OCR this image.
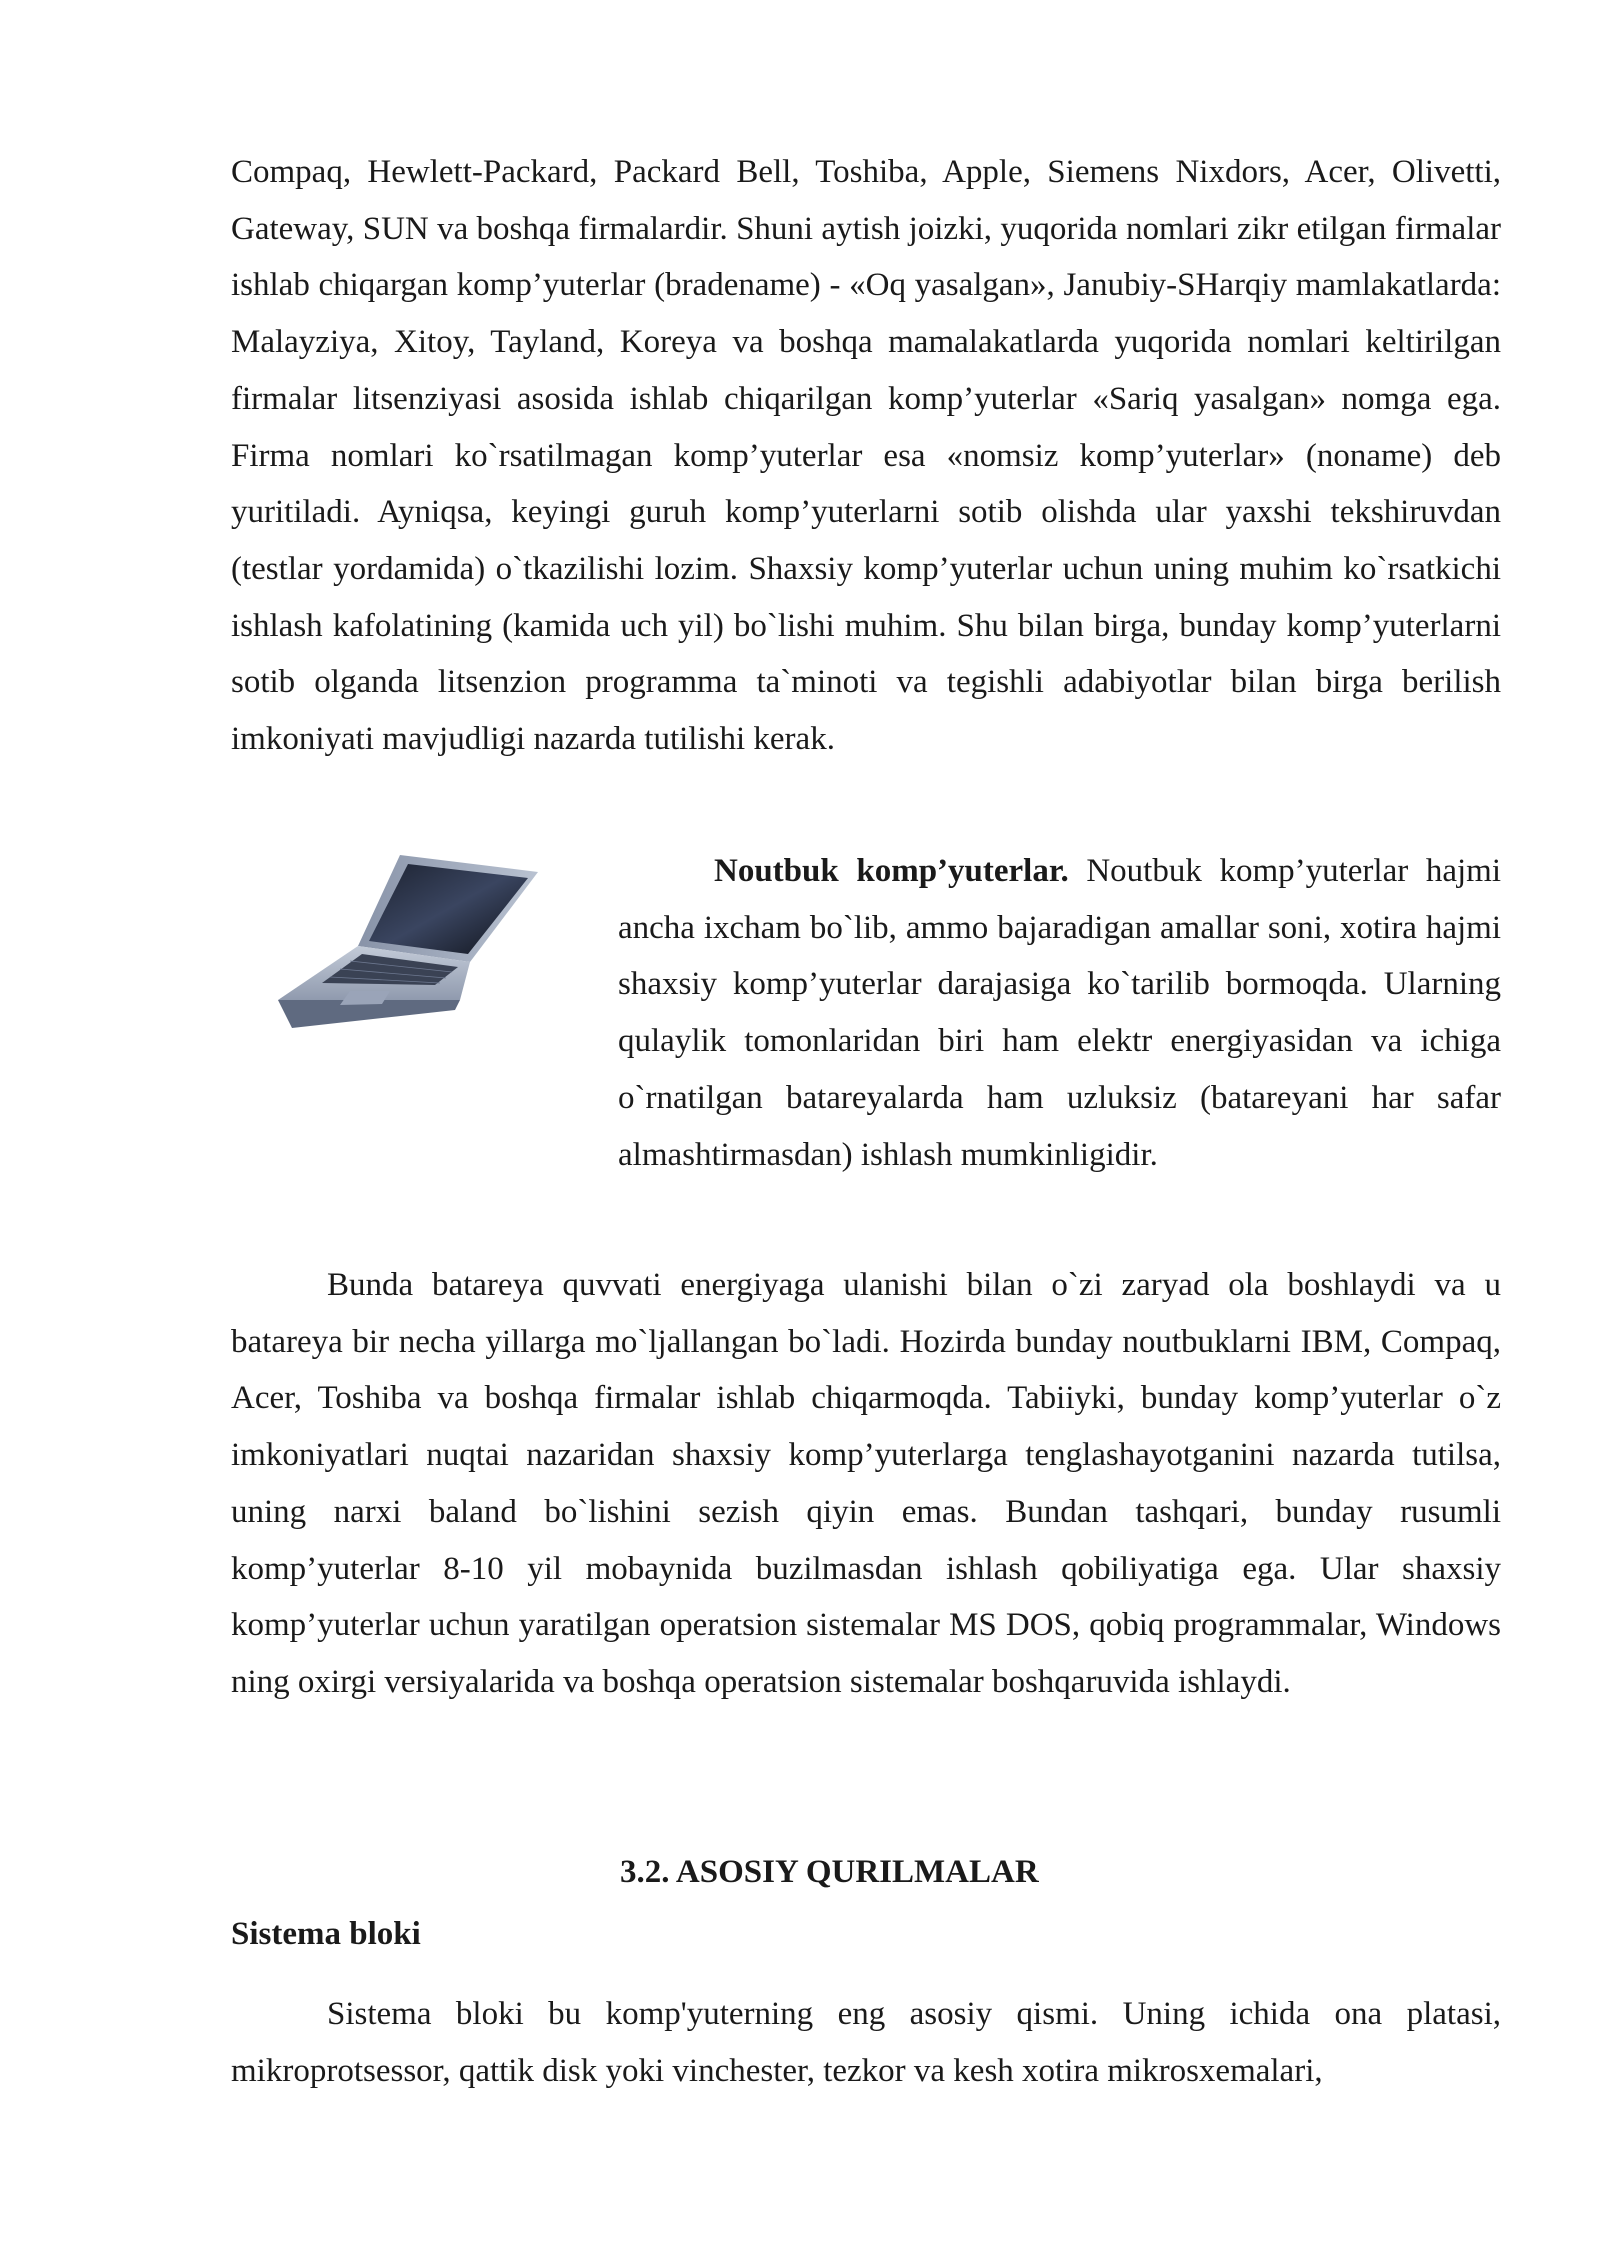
Compaq, Hewlett-Packard, Packard Bell, Toshiba, Apple, Siemens Nixdors, Acer, Olivetti, Gateway, SUN va boshqa firmalardir. Shuni aytish joizki, yuqorida nomlari zikr etilgan firmalar ishlab chiqargan komp’yuterlar (bradename) - «Oq yasalgan», Janubiy-SHarqiy mamlakatlarda: Malayziya, Xitoy, Tayland, Koreya va boshqa mamalakatlarda yuqorida nomlari keltirilgan firmalar litsenziyasi asosida ishlab chiqarilgan komp’yuterlar «Sariq yasalgan» nomga ega. Firma nomlari ko`rsatilmagan komp’yuterlar esa «nomsiz komp’yuterlar» (noname) deb yuritiladi. Ayniqsa, keyingi guruh komp’yuterlarni sotib olishda ular yaxshi tekshiruvdan (testlar yordamida) o`tkazilishi lozim. Shaxsiy komp’yuterlar uchun uning muhim ko`rsatkichi ishlash kafolatining (kamida uch yil) bo`lishi muhim. Shu bilan birga, bunday komp’yuterlarni sotib olganda litsenzion programma ta`minoti va tegishli adabiyotlar bilan birga berilish imkoniyati mavjudligi nazarda tutilishi kerak.

Noutbuk komp’yuterlar. Noutbuk komp’yuterlar hajmi ancha ixcham bo`lib, ammo bajaradigan amallar soni, xotira hajmi shaxsiy komp’yuterlar darajasiga ko`tarilib bormoqda. Ularning qulaylik tomonlaridan biri ham elektr energiyasidan va ichiga o`rnatilgan batareyalarda ham uzluksiz (batareyani har safar almashtirmasdan) ishlash mumkinligidir.

Bunda batareya quvvati energiyaga ulanishi bilan o`zi zaryad ola boshlaydi va u batareya bir necha yillarga mo`ljallangan bo`ladi. Hozirda bunday noutbuklarni IBM, Compaq, Acer, Toshiba va boshqa firmalar ishlab chiqarmoqda. Tabiiyki, bunday komp’yuterlar o`z imkoniyatlari nuqtai nazaridan shaxsiy komp’yuterlarga tenglashayotganini nazarda tutilsa, uning narxi baland bo`lishini sezish qiyin emas. Bundan tashqari, bunday rusumli komp’yuterlar 8-10 yil mobaynida buzilmasdan ishlash qobiliyatiga ega. Ular shaxsiy komp’yuterlar uchun yaratilgan operatsion sistemalar MS DOS, qobiq programmalar, Windows ning oxirgi versiyalarida va boshqa operatsion sistemalar boshqaruvida ishlaydi.

3.2. ASOSIY QURILMALAR
Sistema bloki

Sistema bloki bu komp'yuterning eng asosiy qismi. Uning ichida ona platasi, mikroprotsessor, qattik disk yoki vinchester, tezkor va kesh xotira mikrosxemalari,
